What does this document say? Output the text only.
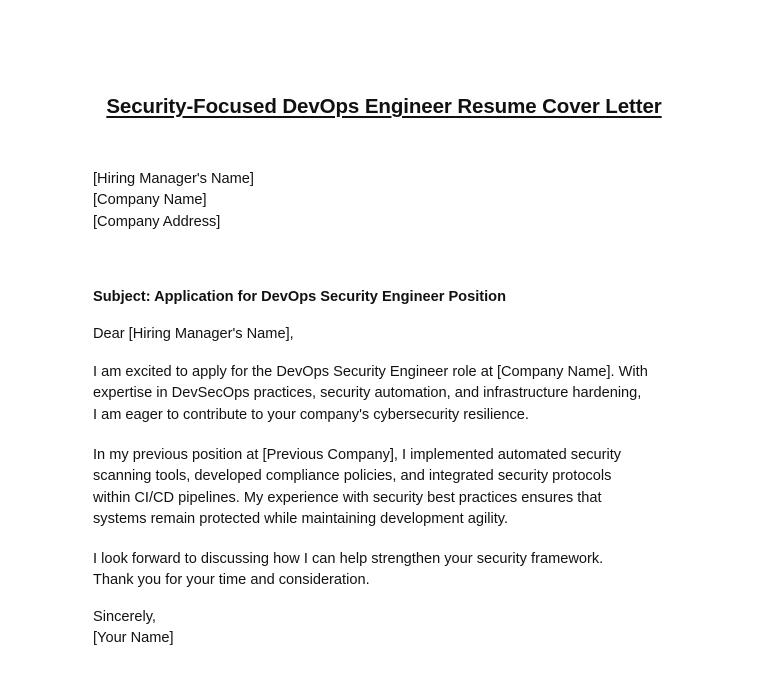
Security-Focused DevOps Engineer Resume Cover Letter
[Hiring Manager's Name]
[Company Name]
[Company Address]
Subject: Application for DevOps Security Engineer Position
Dear [Hiring Manager's Name],
I am excited to apply for the DevOps Security Engineer role at [Company Name]. With
expertise in DevSecOps practices, security automation, and infrastructure hardening,
I am eager to contribute to your company's cybersecurity resilience.
In my previous position at [Previous Company], I implemented automated security
scanning tools, developed compliance policies, and integrated security protocols
within CI/CD pipelines. My experience with security best practices ensures that
systems remain protected while maintaining development agility.
I look forward to discussing how I can help strengthen your security framework.
Thank you for your time and consideration.
Sincerely,
[Your Name]
